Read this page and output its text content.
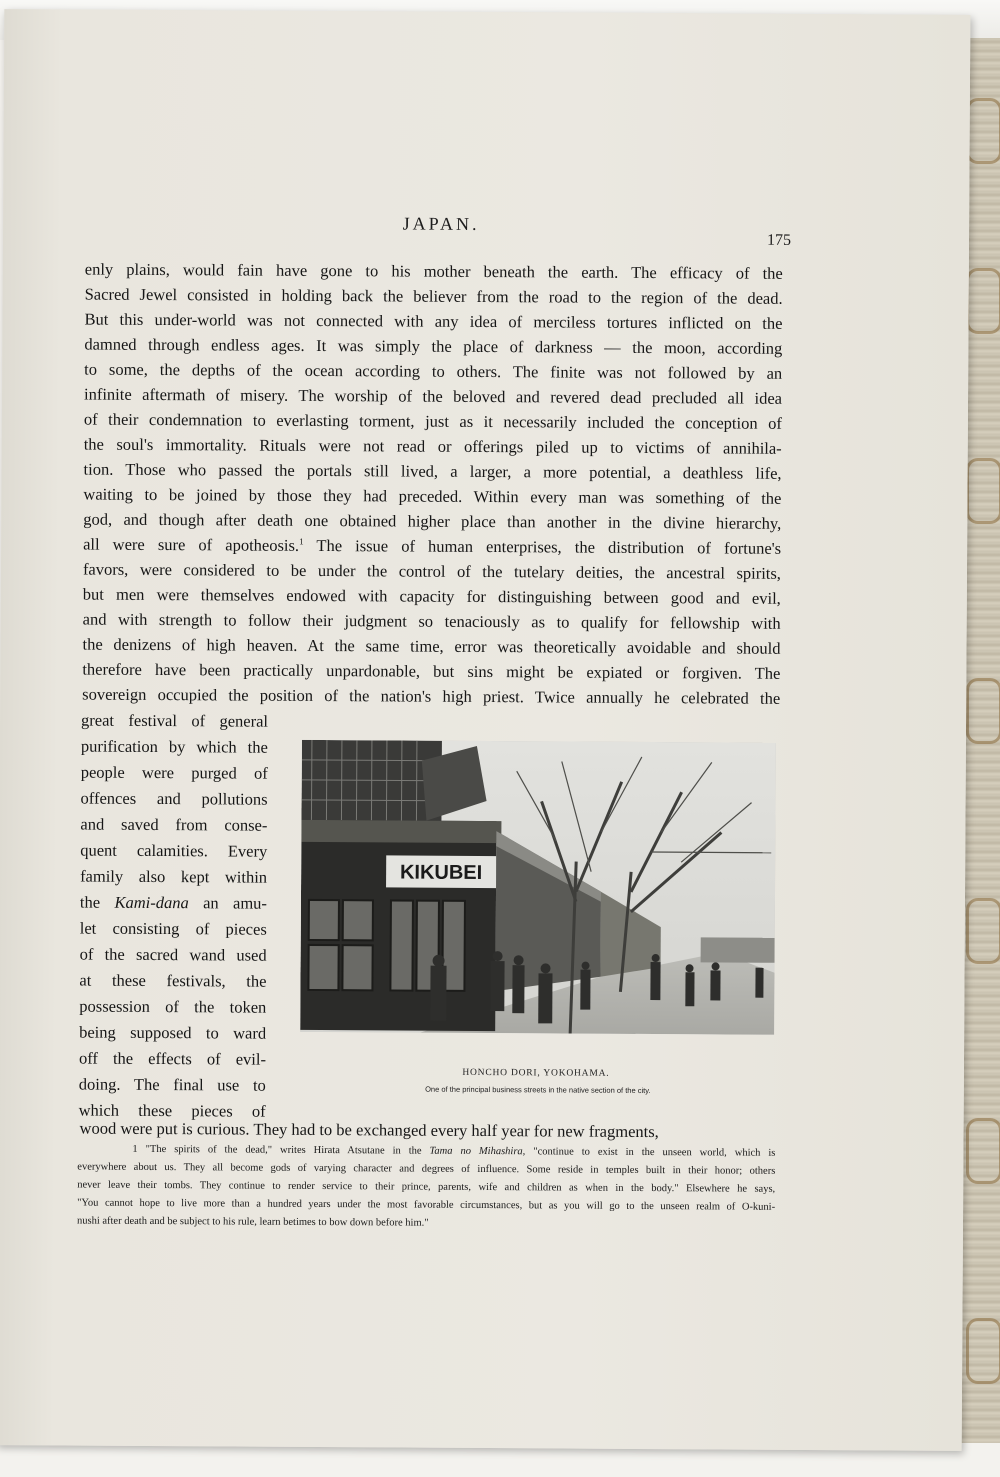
JAPAN.
175
enly plains, would fain have gone to his mother beneath the earth. The efficacy of the
Sacred Jewel consisted in holding back the believer from the road to the region of the dead.
But this under-world was not connected with any idea of merciless tortures inflicted on the
damned through endless ages. It was simply the place of darkness — the moon, according
to some, the depths of the ocean according to others. The finite was not followed by an
infinite aftermath of misery. The worship of the beloved and revered dead precluded all idea
of their condemnation to everlasting torment, just as it necessarily included the conception of
the soul's immortality. Rituals were not read or offerings piled up to victims of annihila-
tion. Those who passed the portals still lived, a larger, a more potential, a deathless life,
waiting to be joined by those they had preceded. Within every man was something of the
god, and though after death one obtained higher place than another in the divine hierarchy,
all were sure of apotheosis.$^1$ The issue of human enterprises, the distribution of fortune's
favors, were considered to be under the control of the tutelary deities, the ancestral spirits,
but men were themselves endowed with capacity for distinguishing between good and evil,
and with strength to follow their judgment so tenaciously as to qualify for fellowship with
the denizens of high heaven. At the same time, error was theoretically avoidable and should
therefore have been practically unpardonable, but sins might be expiated or forgiven. The
sovereign occupied the position of the nation's high priest. Twice annually he celebrated the
great festival of general
purification by which the
people were purged of
offences and pollutions
and saved from conse-
quent calamities. Every
family also kept within
the Kami-dana an amu-
let consisting of pieces
of the sacred wand used
at these festivals, the
possession of the token
being supposed to ward
off the effects of evil-
doing. The final use to
which these pieces of
KIKUBEI
HONCHO DORI, YOKOHAMA.
One of the principal business streets in the native section of the city.
wood were put is curious. They had to be exchanged every half year for new fragments,
1 "The spirits of the dead," writes Hirata Atsutane in the Tama no Mihashira, "continue to exist in the unseen world, which is
everywhere about us. They all become gods of varying character and degrees of influence. Some reside in temples built in their honor; others
never leave their tombs. They continue to render service to their prince, parents, wife and children as when in the body." Elsewhere he says,
"You cannot hope to live more than a hundred years under the most favorable circumstances, but as you will go to the unseen realm of O-kuni-
nushi after death and be subject to his rule, learn betimes to bow down before him."
